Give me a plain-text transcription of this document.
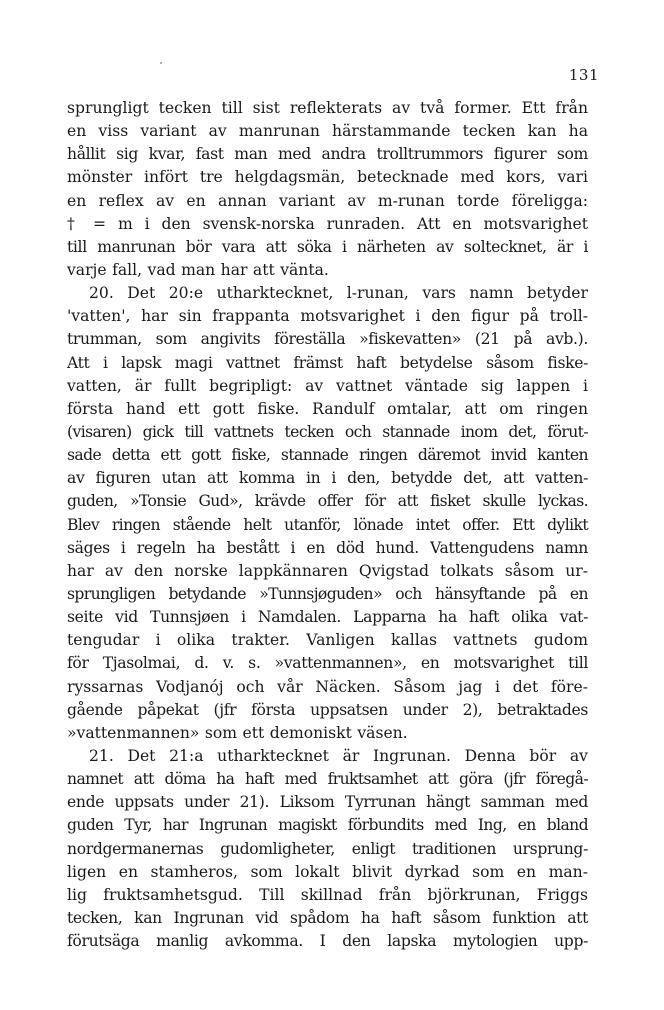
131
sprungligt tecken till sist reflekterats av två former. Ett från
en viss variant av manrunan härstammande tecken kan ha
hållit sig kvar, fast man med andra trolltrummors figurer som
mönster infört tre helgdagsmän, betecknade med kors, vari
en reflex av en annan variant av m-runan torde föreligga:
† = m i den svensk-norska runraden. Att en motsvarighet
till manrunan bör vara att söka i närheten av soltecknet, är i
varje fall, vad man har att vänta.
20. Det 20:e utharktecknet, l-runan, vars namn betyder
'vatten', har sin frappanta motsvarighet i den figur på troll-
trumman, som angivits föreställa »fiskevatten» (21 på avb.).
Att i lapsk magi vattnet främst haft betydelse såsom fiske-
vatten, är fullt begripligt: av vattnet väntade sig lappen i
första hand ett gott fiske. Randulf omtalar, att om ringen
(visaren) gick till vattnets tecken och stannade inom det, förut-
sade detta ett gott fiske, stannade ringen däremot invid kanten
av figuren utan att komma in i den, betydde det, att vatten-
guden, »Tonsie Gud», krävde offer för att fisket skulle lyckas.
Blev ringen stående helt utanför, lönade intet offer. Ett dylikt
säges i regeln ha bestått i en död hund. Vattengudens namn
har av den norske lappkännaren Qvigstad tolkats såsom ur-
sprungligen betydande »Tunnsjøguden» och hänsyftande på en
seite vid Tunnsjøen i Namdalen. Lapparna ha haft olika vat-
tengudar i olika trakter. Vanligen kallas vattnets gudom
för Tjasolmai, d. v. s. »vattenmannen», en motsvarighet till
ryssarnas Vodjanój och vår Näcken. Såsom jag i det före-
gående påpekat (jfr första uppsatsen under 2), betraktades
»vattenmannen» som ett demoniskt väsen.
21. Det 21:a utharktecknet är Ingrunan. Denna bör av
namnet att döma ha haft med fruktsamhet att göra (jfr föregå-
ende uppsats under 21). Liksom Tyrrunan hängt samman med
guden Tyr, har Ingrunan magiskt förbundits med Ing, en bland
nordgermanernas gudomligheter, enligt traditionen ursprung-
ligen en stamheros, som lokalt blivit dyrkad som en man-
lig fruktsamhetsgud. Till skillnad från björkrunan, Friggs
tecken, kan Ingrunan vid spådom ha haft såsom funktion att
förutsäga manlig avkomma. I den lapska mytologien upp-
